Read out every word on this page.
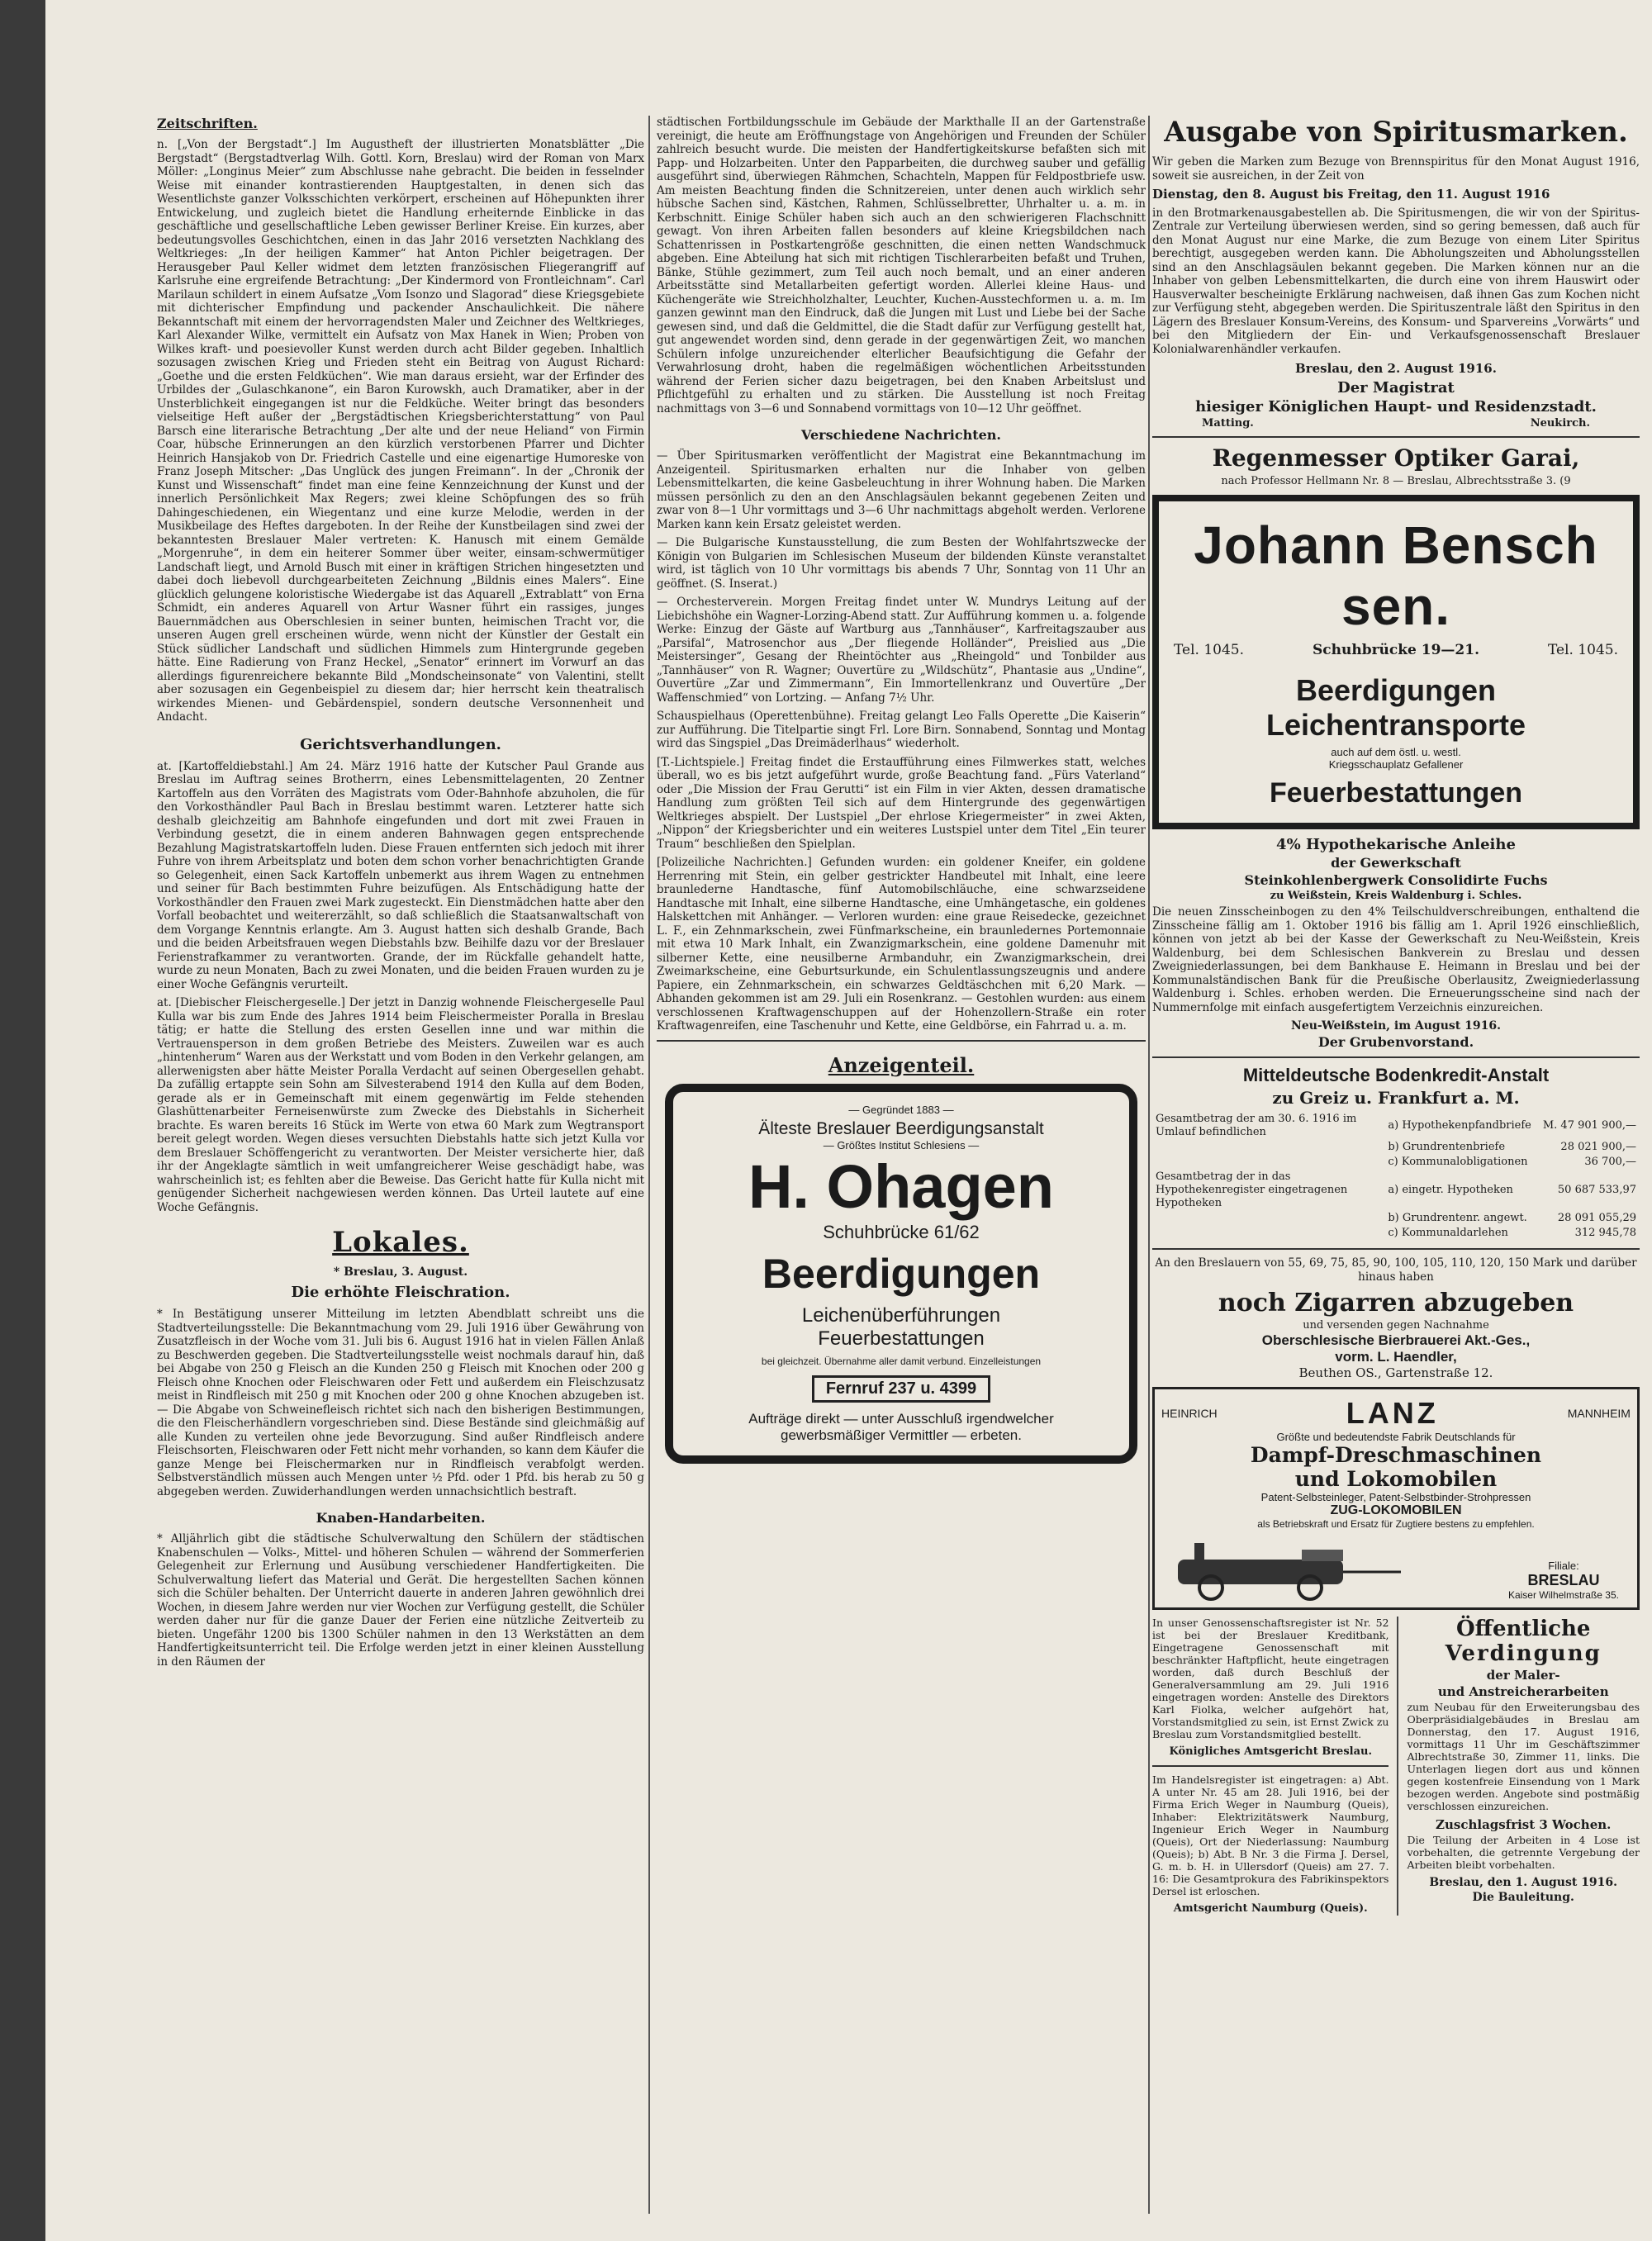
Zeitschriften.

n. [„Von der Bergstadt“.] Im Augustheft der illustrierten Monatsblätter „Die Bergstadt“ (Bergstadtverlag Wilh. Gottl. Korn, Breslau) wird der Roman von Marx Möller: „Longinus Meier“ zum Abschlusse nahe gebracht. Die beiden in fesselnder Weise mit einander kontrastierenden Hauptgestalten, in denen sich das Wesentlichste ganzer Volksschichten verkörpert, erscheinen auf Höhepunkten ihrer Entwickelung, und zugleich bietet die Handlung erheiternde Einblicke in das geschäftliche und gesellschaftliche Leben gewisser Berliner Kreise. Ein kurzes, aber bedeutungsvolles Geschichtchen, einen in das Jahr 2016 versetzten Nachklang des Weltkrieges: „In der heiligen Kammer“ hat Anton Pichler beigetragen. Der Herausgeber Paul Keller widmet dem letzten französischen Fliegerangriff auf Karlsruhe eine ergreifende Betrachtung: „Der Kindermord von Frontleichnam“. Carl Marilaun schildert in einem Aufsatze „Vom Isonzo und Slagorad“ diese Kriegsgebiete mit dichterischer Empfindung und packender Anschaulichkeit. Die nähere Bekanntschaft mit einem der hervorragendsten Maler und Zeichner des Weltkrieges, Karl Alexander Wilke, vermittelt ein Aufsatz von Max Hanek in Wien; Proben von Wilkes kraft- und poesievoller Kunst werden durch acht Bilder gegeben. Inhaltlich sozusagen zwischen Krieg und Frieden steht ein Beitrag von August Richard: „Goethe und die ersten Feldküchen“. Wie man daraus ersieht, war der Erfinder des Urbildes der „Gulaschkanone“, ein Baron Kurowskh, auch Dramatiker, aber in der Unsterblichkeit eingegangen ist nur die Feldküche. Weiter bringt das besonders vielseitige Heft außer der „Bergstädtischen Kriegsberichterstattung“ von Paul Barsch eine literarische Betrachtung „Der alte und der neue Heliand“ von Firmin Coar, hübsche Erinnerungen an den kürzlich verstorbenen Pfarrer und Dichter Heinrich Hansjakob von Dr. Friedrich Castelle und eine eigenartige Humoreske von Franz Joseph Mitscher: „Das Unglück des jungen Freimann“. In der „Chronik der Kunst und Wissenschaft“ findet man eine feine Kennzeichnung der Kunst und der innerlich Persönlichkeit Max Regers; zwei kleine Schöpfungen des so früh Dahingeschiedenen, ein Wiegentanz und eine kurze Melodie, werden in der Musikbeilage des Heftes dargeboten. In der Reihe der Kunstbeilagen sind zwei der bekanntesten Breslauer Maler vertreten: K. Hanusch mit einem Gemälde „Morgenruhe“, in dem ein heiterer Sommer über weiter, einsam-schwermütiger Landschaft liegt, und Arnold Busch mit einer in kräftigen Strichen hingesetzten und dabei doch liebevoll durchgearbeiteten Zeichnung „Bildnis eines Malers“. Eine glücklich gelungene koloristische Wiedergabe ist das Aquarell „Extrablatt“ von Erna Schmidt, ein anderes Aquarell von Artur Wasner führt ein rassiges, junges Bauernmädchen aus Oberschlesien in seiner bunten, heimischen Tracht vor, die unseren Augen grell erscheinen würde, wenn nicht der Künstler der Gestalt ein Stück südlicher Landschaft und südlichen Himmels zum Hintergrunde gegeben hätte. Eine Radierung von Franz Heckel, „Senator“ erinnert im Vorwurf an das allerdings figurenreichere bekannte Bild „Mondscheinsonate“ von Valentini, stellt aber sozusagen ein Gegenbeispiel zu diesem dar; hier herrscht kein theatralisch wirkendes Mienen- und Gebärdenspiel, sondern deutsche Versonnenheit und Andacht.

Gerichtsverhandlungen.

at. [Kartoffeldiebstahl.] Am 24. März 1916 hatte der Kutscher Paul Grande aus Breslau im Auftrag seines Brotherrn, eines Lebensmittelagenten, 20 Zentner Kartoffeln aus den Vorräten des Magistrats vom Oder-Bahnhofe abzuholen, die für den Vorkosthändler Paul Bach in Breslau bestimmt waren. Letzterer hatte sich deshalb gleichzeitig am Bahnhofe eingefunden und dort mit zwei Frauen in Verbindung gesetzt, die in einem anderen Bahnwagen gegen entsprechende Bezahlung Magistratskartoffeln luden. Diese Frauen entfernten sich jedoch mit ihrer Fuhre von ihrem Arbeitsplatz und boten dem schon vorher benachrichtigten Grande so Gelegenheit, einen Sack Kartoffeln unbemerkt aus ihrem Wagen zu entnehmen und seiner für Bach bestimmten Fuhre beizufügen. Als Entschädigung hatte der Vorkosthändler den Frauen zwei Mark zugesteckt. Ein Dienstmädchen hatte aber den Vorfall beobachtet und weitererzählt, so daß schließlich die Staatsanwaltschaft von dem Vorgange Kenntnis erlangte. Am 3. August hatten sich deshalb Grande, Bach und die beiden Arbeitsfrauen wegen Diebstahls bzw. Beihilfe dazu vor der Breslauer Ferienstrafkammer zu verantworten. Grande, der im Rückfalle gehandelt hatte, wurde zu neun Monaten, Bach zu zwei Monaten, und die beiden Frauen wurden zu je einer Woche Gefängnis verurteilt.

at. [Diebischer Fleischergeselle.] Der jetzt in Danzig wohnende Fleischergeselle Paul Kulla war bis zum Ende des Jahres 1914 beim Fleischermeister Poralla in Breslau tätig; er hatte die Stellung des ersten Gesellen inne und war mithin die Vertrauensperson in dem großen Betriebe des Meisters. Zuweilen war es auch „hintenherum“ Waren aus der Werkstatt und vom Boden in den Verkehr gelangen, am allerwenigsten aber hätte Meister Poralla Verdacht auf seinen Obergesellen gehabt. Da zufällig ertappte sein Sohn am Silvesterabend 1914 den Kulla auf dem Boden, gerade als er in Gemeinschaft mit einem gegenwärtig im Felde stehenden Glashüttenarbeiter Ferneisenwürste zum Zwecke des Diebstahls in Sicherheit brachte. Es waren bereits 16 Stück im Werte von etwa 60 Mark zum Wegtransport bereit gelegt worden. Wegen dieses versuchten Diebstahls hatte sich jetzt Kulla vor dem Breslauer Schöffengericht zu verantworten. Der Meister versicherte hier, daß ihr der Angeklagte sämtlich in weit umfangreicherer Weise geschädigt habe, was wahrscheinlich ist; es fehlten aber die Beweise. Das Gericht hatte für Kulla nicht mit genügender Sicherheit nachgewiesen werden können. Das Urteil lautete auf eine Woche Gefängnis.

Lokales.
* Breslau, 3. August.
Die erhöhte Fleischration.

* In Bestätigung unserer Mitteilung im letzten Abendblatt schreibt uns die Stadtverteilungsstelle: Die Bekanntmachung vom 29. Juli 1916 über Gewährung von Zusatzfleisch in der Woche vom 31. Juli bis 6. August 1916 hat in vielen Fällen Anlaß zu Beschwerden gegeben. Die Stadtverteilungsstelle weist nochmals darauf hin, daß bei Abgabe von 250 g Fleisch an die Kunden 250 g Fleisch mit Knochen oder 200 g Fleisch ohne Knochen oder Fleischwaren oder Fett und außerdem ein Fleischzusatz meist in Rindfleisch mit 250 g mit Knochen oder 200 g ohne Knochen abzugeben ist. — Die Abgabe von Schweinefleisch richtet sich nach den bisherigen Bestimmungen, die den Fleischerhändlern vorgeschrieben sind. Diese Bestände sind gleichmäßig auf alle Kunden zu verteilen ohne jede Bevorzugung. Sind außer Rindfleisch andere Fleischsorten, Fleischwaren oder Fett nicht mehr vorhanden, so kann dem Käufer die ganze Menge bei Fleischermarken nur in Rindfleisch verabfolgt werden. Selbstverständlich müssen auch Mengen unter ½ Pfd. oder 1 Pfd. bis herab zu 50 g abgegeben werden. Zuwiderhandlungen werden unnachsichtlich bestraft.

Knaben-Handarbeiten.

* Alljährlich gibt die städtische Schulverwaltung den Schülern der städtischen Knabenschulen — Volks-, Mittel- und höheren Schulen — während der Sommerferien Gelegenheit zur Erlernung und Ausübung verschiedener Handfertigkeiten. Die Schulverwaltung liefert das Material und Gerät. Die hergestellten Sachen können sich die Schüler behalten. Der Unterricht dauerte in anderen Jahren gewöhnlich drei Wochen, in diesem Jahre werden nur vier Wochen zur Verfügung gestellt, die Schüler werden daher nur für die ganze Dauer der Ferien eine nützliche Zeitverteib zu bieten. Ungefähr 1200 bis 1300 Schüler nahmen in den 13 Werkstätten an dem Handfertigkeitsunterricht teil. Die Erfolge werden jetzt in einer kleinen Ausstellung in den Räumen der

städtischen Fortbildungsschule im Gebäude der Markthalle II an der Gartenstraße vereinigt, die heute am Eröffnungstage von Angehörigen und Freunden der Schüler zahlreich besucht wurde. Die meisten der Handfertigkeitskurse befaßten sich mit Papp- und Holzarbeiten. Unter den Papparbeiten, die durchweg sauber und gefällig ausgeführt sind, überwiegen Rähmchen, Schachteln, Mappen für Feldpostbriefe usw. Am meisten Beachtung finden die Schnitzereien, unter denen auch wirklich sehr hübsche Sachen sind, Kästchen, Rahmen, Schlüsselbretter, Uhrhalter u. a. m. in Kerbschnitt. Einige Schüler haben sich auch an den schwierigeren Flachschnitt gewagt. Von ihren Arbeiten fallen besonders auf kleine Kriegsbildchen nach Schattenrissen in Postkartengröße geschnitten, die einen netten Wandschmuck abgeben. Eine Abteilung hat sich mit richtigen Tischlerarbeiten befaßt und Truhen, Bänke, Stühle gezimmert, zum Teil auch noch bemalt, und an einer anderen Arbeitsstätte sind Metallarbeiten gefertigt worden. Allerlei kleine Haus- und Küchengeräte wie Streichholzhalter, Leuchter, Kuchen-Ausstechformen u. a. m. Im ganzen gewinnt man den Eindruck, daß die Jungen mit Lust und Liebe bei der Sache gewesen sind, und daß die Geldmittel, die die Stadt dafür zur Verfügung gestellt hat, gut angewendet worden sind, denn gerade in der gegenwärtigen Zeit, wo manchen Schülern infolge unzureichender elterlicher Beaufsichtigung die Gefahr der Verwahrlosung droht, haben die regelmäßigen wöchentlichen Arbeitsstunden während der Ferien sicher dazu beigetragen, bei den Knaben Arbeitslust und Pflichtgefühl zu erhalten und zu stärken. Die Ausstellung ist noch Freitag nachmittags von 3—6 und Sonnabend vormittags von 10—12 Uhr geöffnet.

Verschiedene Nachrichten.

— Über Spiritusmarken veröffentlicht der Magistrat eine Bekanntmachung im Anzeigenteil. Spiritusmarken erhalten nur die Inhaber von gelben Lebensmittelkarten, die keine Gasbeleuchtung in ihrer Wohnung haben. Die Marken müssen persönlich zu den an den Anschlagsäulen bekannt gegebenen Zeiten und zwar von 8—1 Uhr vormittags und 3—6 Uhr nachmittags abgeholt werden. Verlorene Marken kann kein Ersatz geleistet werden.

— Die Bulgarische Kunstausstellung, die zum Besten der Wohlfahrtszwecke der Königin von Bulgarien im Schlesischen Museum der bildenden Künste veranstaltet wird, ist täglich von 10 Uhr vormittags bis abends 7 Uhr, Sonntag von 11 Uhr an geöffnet. (S. Inserat.)

— Orchesterverein. Morgen Freitag findet unter W. Mundrys Leitung auf der Liebichshöhe ein Wagner-Lorzing-Abend statt. Zur Aufführung kommen u. a. folgende Werke: Einzug der Gäste auf Wartburg aus „Tannhäuser“, Karfreitagszauber aus „Parsifal“, Matrosenchor aus „Der fliegende Holländer“, Preislied aus „Die Meistersinger“, Gesang der Rheintöchter aus „Rheingold“ und Tonbilder aus „Tannhäuser“ von R. Wagner; Ouvertüre zu „Wildschütz“, Phantasie aus „Undine“, Ouvertüre „Zar und Zimmermann“, Ein Immortellenkranz und Ouvertüre „Der Waffenschmied“ von Lortzing. — Anfang 7½ Uhr.

Schauspielhaus (Operettenbühne). Freitag gelangt Leo Falls Operette „Die Kaiserin“ zur Aufführung. Die Titelpartie singt Frl. Lore Birn. Sonnabend, Sonntag und Montag wird das Singspiel „Das Dreimäderlhaus“ wiederholt.

[T.-Lichtspiele.] Freitag findet die Erstaufführung eines Filmwerkes statt, welches überall, wo es bis jetzt aufgeführt wurde, große Beachtung fand. „Fürs Vaterland“ oder „Die Mission der Frau Gerutti“ ist ein Film in vier Akten, dessen dramatische Handlung zum größten Teil sich auf dem Hintergrunde des gegenwärtigen Weltkrieges abspielt. Der Lustspiel „Der ehrlose Kriegermeister“ in zwei Akten, „Nippon“ der Kriegsberichter und ein weiteres Lustspiel unter dem Titel „Ein teurer Traum“ beschließen den Spielplan.

[Polizeiliche Nachrichten.] Gefunden wurden: ein goldener Kneifer, ein goldene Herrenring mit Stein, ein gelber gestrickter Handbeutel mit Inhalt, eine leere braunlederne Handtasche, fünf Automobilschläuche, eine schwarzseidene Handtasche mit Inhalt, eine silberne Handtasche, eine Umhängetasche, ein goldenes Halskettchen mit Anhänger. — Verloren wurden: eine graue Reisedecke, gezeichnet L. F., ein Zehnmarkschein, zwei Fünfmarkscheine, ein braunledernes Portemonnaie mit etwa 10 Mark Inhalt, ein Zwanzigmarkschein, eine goldene Damenuhr mit silberner Kette, eine neusilberne Armbanduhr, ein Zwanzigmarkschein, drei Zweimarkscheine, eine Geburtsurkunde, ein Schulentlassungszeugnis und andere Papiere, ein Zehnmarkschein, ein schwarzes Geldtäschchen mit 6,20 Mark. — Abhanden gekommen ist am 29. Juli ein Rosenkranz. — Gestohlen wurden: aus einem verschlossenen Kraftwagenschuppen auf der Hohenzollern-Straße ein roter Kraftwagenreifen, eine Taschenuhr und Kette, eine Geldbörse, ein Fahrrad u. a. m.

Anzeigenteil.
— Gegründet 1883 —
Älteste Breslauer Beerdigungsanstalt
— Größtes Institut Schlesiens —
H. Ohagen
Schuhbrücke 61/62
Beerdigungen
Leichenüberführungen
Feuerbestattungen
bei gleichzeit. Übernahme aller damit verbund. Einzelleistungen
Fernruf 237 u. 4399
Aufträge direkt — unter Ausschluß irgendwelcher gewerbsmäßiger Vermittler — erbeten.
Ausgabe von Spiritusmarken.

Wir geben die Marken zum Bezuge von Brennspiritus für den Monat August 1916, soweit sie ausreichen, in der Zeit von

Dienstag, den 8. August bis Freitag, den 11. August 1916

in den Brotmarkenausgabestellen ab. Die Spiritusmengen, die wir von der Spiritus-Zentrale zur Verteilung überwiesen werden, sind so gering bemessen, daß auch für den Monat August nur eine Marke, die zum Bezuge von einem Liter Spiritus berechtigt, ausgegeben werden kann. Die Abholungszeiten und Abholungsstellen sind an den Anschlagsäulen bekannt gegeben. Die Marken können nur an die Inhaber von gelben Lebensmittelkarten, die durch eine von ihrem Hauswirt oder Hausverwalter bescheinigte Erklärung nachweisen, daß ihnen Gas zum Kochen nicht zur Verfügung steht, abgegeben werden. Die Spirituszentrale läßt den Spiritus in den Lägern des Breslauer Konsum-Vereins, des Konsum- und Sparvereins „Vorwärts“ und bei den Mitgliedern der Ein- und Verkaufsgenossenschaft Breslauer Kolonialwarenhändler verkaufen.

Breslau, den 2. August 1916.
Der Magistrat
hiesiger Königlichen Haupt- und Residenzstadt.
Matting.	Neukirch.
Regenmesser Optiker Garai,
nach Professor Hellmann Nr. 8 — Breslau, Albrechtsstraße 3. (9
Johann Bensch sen.
Tel. 1045.	Schuhbrücke 19—21.	Tel. 1045.
Beerdigungen
Leichentransporte
auch auf dem östl. u. westl.
Kriegsschauplatz Gefallener
Feuerbestattungen
4% Hypothekarische Anleihe
der Gewerkschaft
Steinkohlenbergwerk Consolidirte Fuchs
zu Weißstein, Kreis Waldenburg i. Schles.

Die neuen Zinsscheinbogen zu den 4% Teilschuldverschreibungen, enthaltend die Zinsscheine fällig am 1. Oktober 1916 bis fällig am 1. April 1926 einschließlich, können von jetzt ab bei der Kasse der Gewerkschaft zu Neu-Weißstein, Kreis Waldenburg, bei dem Schlesischen Bankverein zu Breslau und dessen Zweigniederlassungen, bei dem Bankhause E. Heimann in Breslau und bei der Kommunalständischen Bank für die Preußische Oberlausitz, Zweigniederlassung Waldenburg i. Schles. erhoben werden. Die Erneuerungsscheine sind nach der Nummernfolge mit einfach ausgefertigtem Verzeichnis einzureichen.

Neu-Weißstein, im August 1916.
Der Grubenvorstand.
Mitteldeutsche Bodenkredit-Anstalt
zu Greiz u. Frankfurt a. M.
Gesamtbetrag der am 30. 6. 1916 im Umlauf befindlichen	a) Hypothekenpfandbriefe	M. 47 901 900,—
	b) Grundrentenbriefe	28 021 900,—
	c) Kommunalobligationen	36 700,—
Gesamtbetrag der in das Hypothekenregister eingetragenen Hypotheken	a) eingetr. Hypotheken	50 687 533,97
	b) Grundrentenr. angewt.	28 091 055,29
	c) Kommunaldarlehen	312 945,78

An den Breslauern von 55, 69, 75, 85, 90, 100, 105, 110, 120, 150 Mark und darüber hinaus haben

noch Zigarren abzugeben
und versenden gegen Nachnahme
Oberschlesische Bierbrauerei Akt.-Ges.,
vorm. L. Haendler,
Beuthen OS., Gartenstraße 12.
HEINRICH	LANZ	MANNHEIM
Größte und bedeutendste Fabrik Deutschlands für
Dampf-Dreschmaschinen
und Lokomobilen
Patent-Selbsteinleger, Patent-Selbstbinder-Strohpressen
ZUG-LOKOMOBILEN
als Betriebskraft und Ersatz für Zugtiere bestens zu empfehlen.
Filiale:
BRESLAU
Kaiser Wilhelmstraße 35.

In unser Genossenschaftsregister ist Nr. 52 ist bei der Breslauer Kreditbank, Eingetragene Genossenschaft mit beschränkter Haftpflicht, heute eingetragen worden, daß durch Beschluß der Generalversammlung am 29. Juli 1916 eingetragen worden: Anstelle des Direktors Karl Fiolka, welcher aufgehört hat, Vorstandsmitglied zu sein, ist Ernst Zwick zu Breslau zum Vorstandsmitglied bestellt.

Königliches Amtsgericht Breslau.

Im Handelsregister ist eingetragen: a) Abt. A unter Nr. 45 am 28. Juli 1916, bei der Firma Erich Weger in Naumburg (Queis), Inhaber: Elektrizitätswerk Naumburg, Ingenieur Erich Weger in Naumburg (Queis), Ort der Niederlassung: Naumburg (Queis); b) Abt. B Nr. 3 die Firma J. Dersel, G. m. b. H. in Ullersdorf (Queis) am 27. 7. 16: Die Gesamtprokura des Fabrikinspektors Dersel ist erloschen.

Amtsgericht Naumburg (Queis).
Öffentliche
Verdingung
der Maler-
und Anstreicherarbeiten

zum Neubau für den Erweiterungsbau des Oberpräsidialgebäudes in Breslau am Donnerstag, den 17. August 1916, vormittags 11 Uhr im Geschäftszimmer Albrechtstraße 30, Zimmer 11, links. Die Unterlagen liegen dort aus und können gegen kostenfreie Einsendung von 1 Mark bezogen werden. Angebote sind postmäßig verschlossen einzureichen.

Zuschlagsfrist 3 Wochen.

Die Teilung der Arbeiten in 4 Lose ist vorbehalten, die getrennte Vergebung der Arbeiten bleibt vorbehalten.

Breslau, den 1. August 1916.
Die Bauleitung.
